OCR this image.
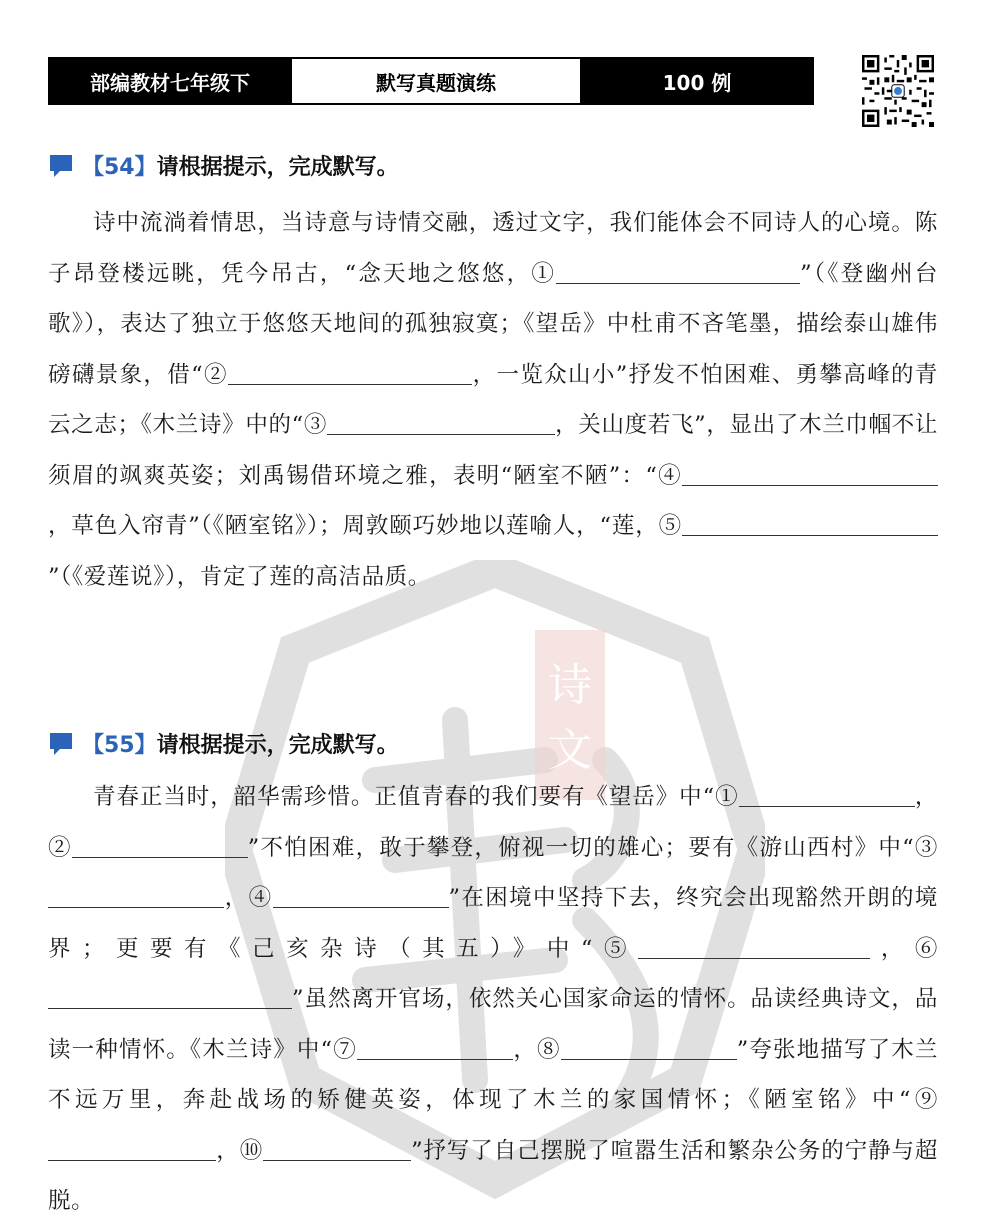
部编教材七年级下	默写真题演练	100 例
诗
文
【54】 请根据提示，完成默写。
诗中流淌着情思，当诗意与诗情交融，透过文字，我们能体会不同诗人的心境。陈子昂登楼远眺，凭今吊古，“念天地之悠悠，①	”（《登幽州台歌》），表达了独立于悠悠天地间的孤独寂寞；《望岳》中杜甫不吝笔墨，描绘泰山雄伟磅礴景象，借“②	，一览众山小”抒发不怕困难、勇攀高峰的青云之志；《木兰诗》中的“③	，关山度若飞”，显出了木兰巾帼不让须眉的飒爽英姿；刘禹锡借环境之雅，表明“陋室不陋”：“④，草色入帘青”（《陋室铭》）；周敦颐巧妙地以莲喻人，“莲，⑤”（《爱莲说》），肯定了莲的高洁品质。
【55】 请根据提示，完成默写。
青春正当时，韶华需珍惜。正值青春的我们要有《望岳》中“①	，②	”不怕困难，敢于攀登，俯视一切的雄心；要有《游山西村》中“③，④	”在困境中坚持下去，终究会出现豁然开朗的境界；更要有《己亥杂诗（其五）》中“⑤	，⑥”虽然离开官场，依然关心国家命运的情怀。品读经典诗文，品读一种情怀。《木兰诗》中“⑦	，⑧	”夸张地描写了木兰不远万里，奔赴战场的矫健英姿，体现了木兰的家国情怀；《陋室铭》中“⑨，⑩	”抒写了自己摆脱了喧嚣生活和繁杂公务的宁静与超脱。
